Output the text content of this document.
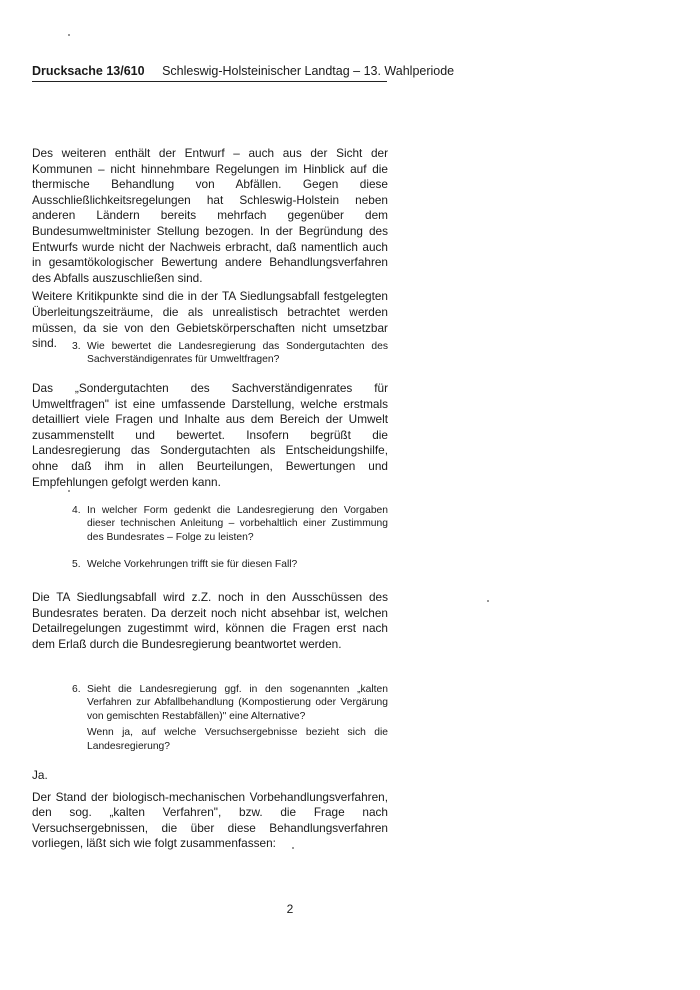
Drucksache 13/610 Schleswig-Holsteinischer Landtag – 13. Wahlperiode

Des weiteren enthält der Entwurf – auch aus der Sicht der Kommunen – nicht hinnehmbare Regelungen im Hinblick auf die thermische Behandlung von Abfällen. Gegen diese Ausschließlichkeitsregelungen hat Schleswig-Holstein neben anderen Ländern bereits mehrfach gegenüber dem Bundesumweltminister Stellung bezogen. In der Begründung des Entwurfs wurde nicht der Nachweis erbracht, daß namentlich auch in gesamtökologischer Bewertung andere Behandlungsverfahren des Abfalls auszuschließen sind.

Weitere Kritikpunkte sind die in der TA Siedlungsabfall festgelegten Überleitungszeiträume, die als unrealistisch betrachtet werden müssen, da sie von den Gebietskörperschaften nicht umsetzbar sind.	3. Wie bewertet die Landesregierung das Sondergutachten des Sachverständigenrates für Umweltfragen?

Das „Sondergutachten des Sachverständigenrates für Umweltfragen" ist eine umfassende Darstellung, welche erstmals detailliert viele Fragen und Inhalte aus dem Bereich der Umwelt zusammenstellt und bewertet. Insofern begrüßt die Landesregierung das Sondergutachten als Entscheidungshilfe, ohne daß ihm in allen Beurteilungen, Bewertungen und Empfehlungen gefolgt werden kann.

4. In welcher Form gedenkt die Landesregierung den Vorgaben dieser technischen Anleitung – vorbehaltlich einer Zustimmung des Bundesrates – Folge zu leisten?
5. Welche Vorkehrungen trifft sie für diesen Fall?

Die TA Siedlungsabfall wird z.Z. noch in den Ausschüssen des Bundesrates beraten. Da derzeit noch nicht absehbar ist, welchen Detailregelungen zugestimmt wird, können die Fragen erst nach dem Erlaß durch die Bundesregierung beantwortet werden.

6. Sieht die Landesregierung ggf. in den sogenannten „kalten Verfahren zur Abfallbehandlung (Kompostierung oder Vergärung von gemischten Restabfällen)" eine Alternative?
Wenn ja, auf welche Versuchsergebnisse bezieht sich die Landesregierung?

Ja.

Der Stand der biologisch-mechanischen Vorbehandlungsverfahren, den sog. „kalten Verfahren", bzw. die Frage nach Versuchsergebnissen, die über diese Behandlungsverfahren vorliegen, läßt sich wie folgt zusammenfassen:

2
